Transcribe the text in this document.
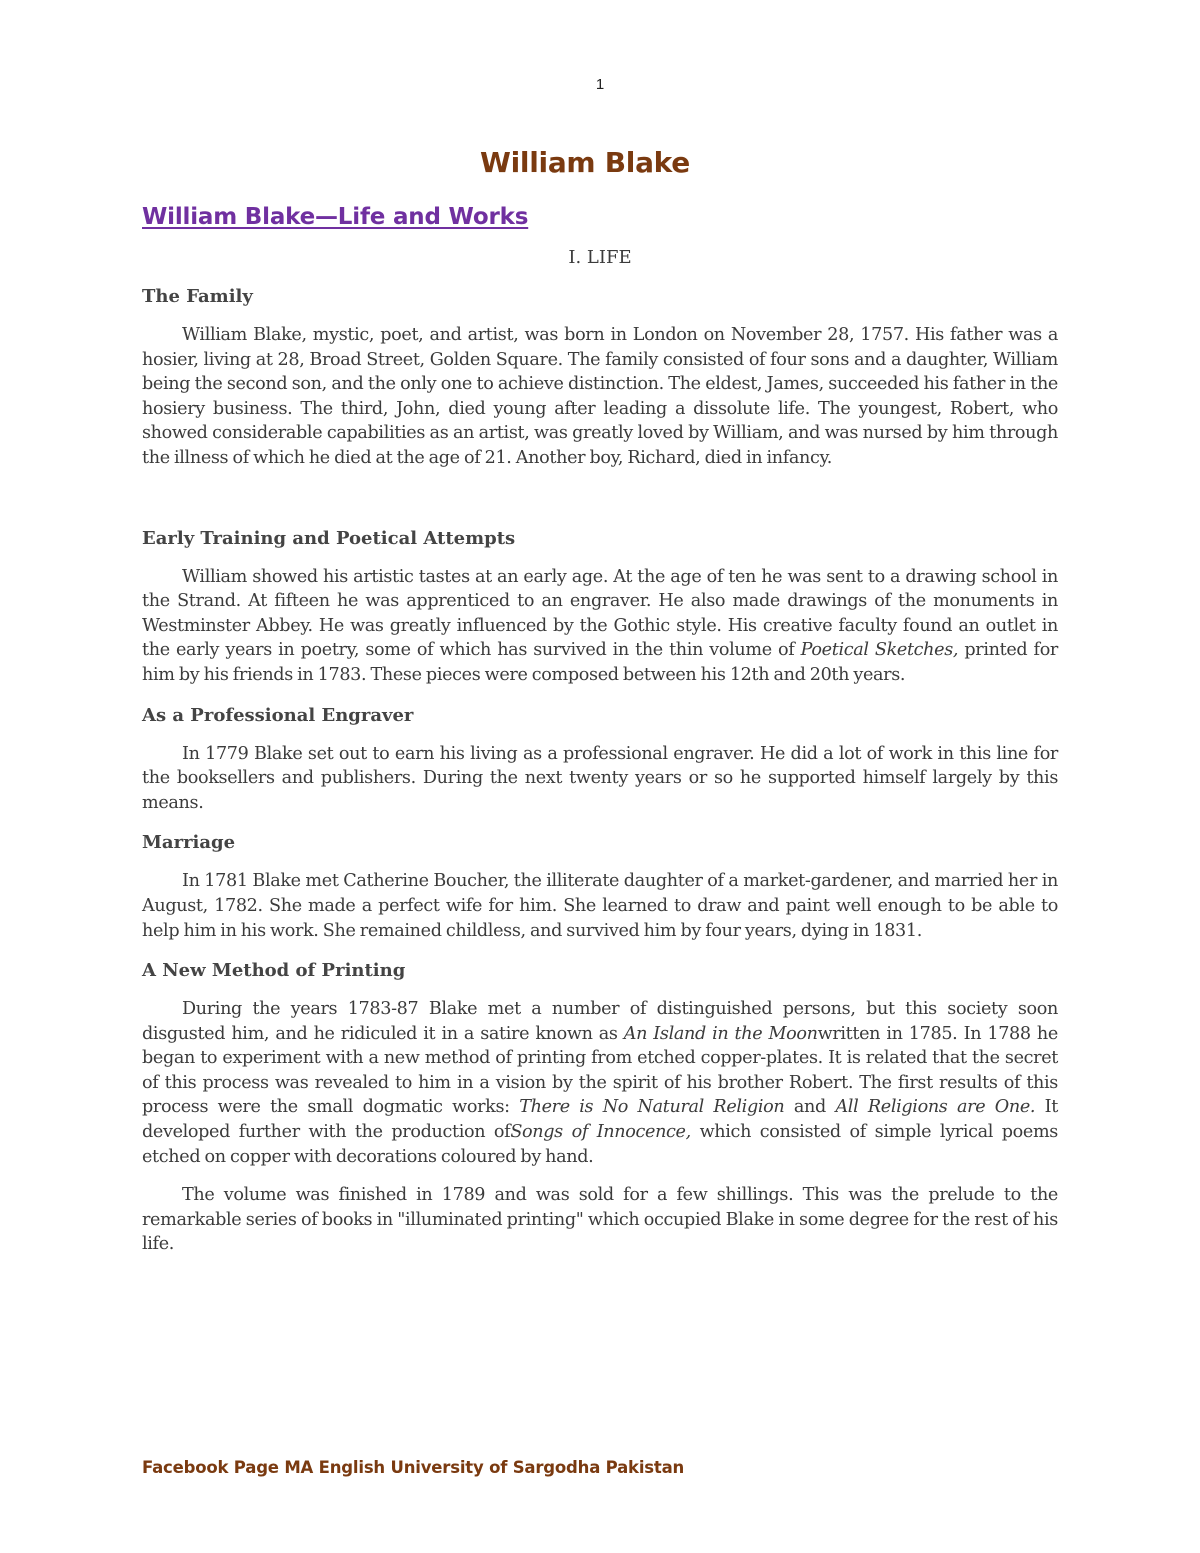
1
William Blake
William Blake—Life and Works
I. LIFE
The Family

William Blake, mystic, poet, and artist, was born in London on November 28, 1757. His father was a hosier, living at 28, Broad Street, Golden Square. The family consisted of four sons and a daughter, William being the second son, and the only one to achieve distinction. The eldest, James, succeeded his father in the hosiery business. The third, John, died young after leading a dissolute life. The youngest, Robert, who showed considerable capabilities as an artist, was greatly loved by William, and was nursed by him through the illness of which he died at the age of 21. Another boy, Richard, died in infancy.

Early Training and Poetical Attempts

William showed his artistic tastes at an early age. At the age of ten he was sent to a drawing school in the Strand. At fifteen he was apprenticed to an engraver. He also made drawings of the monuments in Westminster Abbey. He was greatly influenced by the Gothic style. His creative faculty found an outlet in the early years in poetry, some of which has survived in the thin volume of Poetical Sketches, printed for him by his friends in 1783. These pieces were composed between his 12th and 20th years.

As a Professional Engraver

In 1779 Blake set out to earn his living as a professional engraver. He did a lot of work in this line for the booksellers and publishers. During the next twenty years or so he supported himself largely by this means.

Marriage

In 1781 Blake met Catherine Boucher, the illiterate daughter of a market-gardener, and married her in August, 1782. She made a perfect wife for him. She learned to draw and paint well enough to be able to help him in his work. She remained childless, and survived him by four years, dying in 1831.

A New Method of Printing

During the years 1783-87 Blake met a number of distinguished persons, but this society soon disgusted him, and he ridiculed it in a satire known as An Island in the Moonwritten in 1785. In 1788 he began to experiment with a new method of printing from etched copper-plates. It is related that the secret of this process was revealed to him in a vision by the spirit of his brother Robert. The first results of this process were the small dogmatic works: There is No Natural Religion and All Religions are One. It developed further with the production ofSongs of Innocence, which consisted of simple lyrical poems etched on copper with decorations coloured by hand.

The volume was finished in 1789 and was sold for a few shillings. This was the prelude to the remarkable series of books in "illuminated printing" which occupied Blake in some degree for the rest of his life.

Facebook Page MA English University of Sargodha Pakistan
